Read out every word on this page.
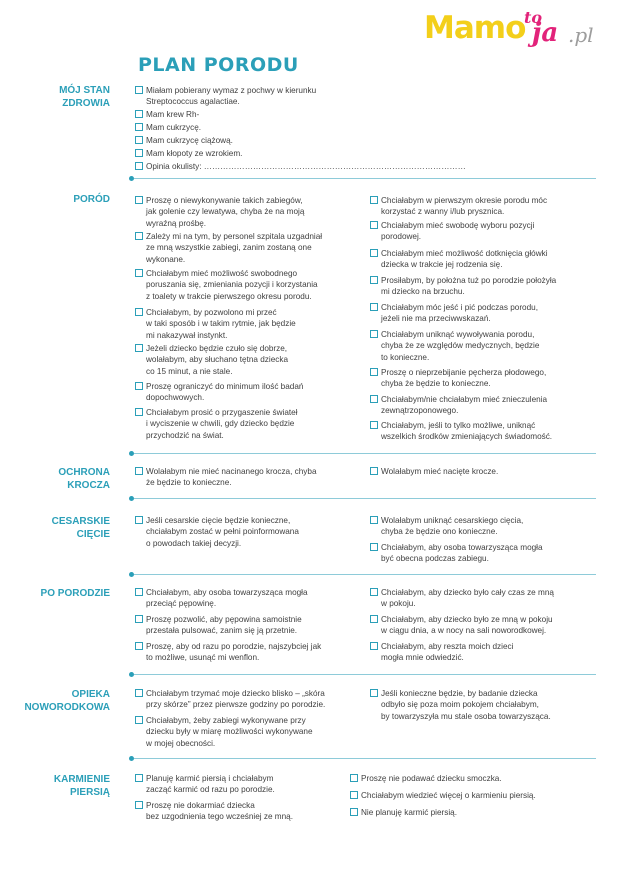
Mamo
to
ja .pl
PLAN PORODU
MÓJ STAN
ZDROWIA
Miałam pobierany wymaz z pochwy w kierunku
Streptococcus agalactiae.
Mam krew Rh-
Mam cukrzycę.
Mam cukrzycę ciążową.
Mam kłopoty ze wzrokiem.
Opinia okulisty: ……………………………………………………………………………………
PORÓD	Proszę o niewykonywanie takich zabiegów,
jak golenie czy lewatywa, chyba że na moją
wyraźną prośbę.
Zależy mi na tym, by personel szpitala uzgadniał
ze mną wszystkie zabiegi, zanim zostaną one
wykonane.
Chciałabym mieć możliwość swobodnego
poruszania się, zmieniania pozycji i korzystania
z toalety w trakcie pierwszego okresu porodu.
Chciałabym, by pozwolono mi przeć
w taki sposób i w takim rytmie, jak będzie
mi nakazywał instynkt.
Jeżeli dziecko będzie czuło się dobrze,
wolałabym, aby słuchano tętna dziecka
co 15 minut, a nie stale.
Proszę ograniczyć do minimum ilość badań
dopochwowych.
Chciałabym prosić o przygaszenie świateł
i wyciszenie w chwili, gdy dziecko będzie
przychodzić na świat.
Chciałabym w pierwszym okresie porodu móc
korzystać z wanny i/lub prysznica.
Chciałabym mieć swobodę wyboru pozycji
porodowej.
Chciałabym mieć możliwość dotknięcia główki
dziecka w trakcie jej rodzenia się.
Prosiłabym, by położna tuż po porodzie położyła
mi dziecko na brzuchu.
Chciałabym móc jeść i pić podczas porodu,
jeżeli nie ma przeciwwskazań.
Chciałabym uniknąć wywoływania porodu,
chyba że ze względów medycznych, będzie
to konieczne.
Proszę o nieprzebijanie pęcherza płodowego,
chyba że będzie to konieczne.
Chciałabym/nie chciałabym mieć znieczulenia
zewnątrzoponowego.
Chciałabym, jeśli to tylko możliwe, uniknąć
wszelkich środków zmieniających świadomość.
OCHRONA
KROCZA
Wolałabym nie mieć nacinanego krocza, chyba
że będzie to konieczne.
Wolałabym mieć nacięte krocze.
CESARSKIE
CIĘCIE
Jeśli cesarskie cięcie będzie konieczne,
chciałabym zostać w pełni poinformowana
o powodach takiej decyzji.
Wolałabym uniknąć cesarskiego cięcia,
chyba że będzie ono konieczne.
Chciałabym, aby osoba towarzysząca mogła
być obecna podczas zabiegu.
PO PORODZIE	Chciałabym, aby osoba towarzysząca mogła
przeciąć pępowinę.
Proszę pozwolić, aby pępowina samoistnie
przestała pulsować, zanim się ją przetnie.
Proszę, aby od razu po porodzie, najszybciej jak
to możliwe, usunąć mi wenflon.
Chciałabym, aby dziecko było cały czas ze mną
w pokoju.
Chciałabym, aby dziecko było ze mną w pokoju
w ciągu dnia, a w nocy na sali noworodkowej.
Chciałabym, aby reszta moich dzieci
mogła mnie odwiedzić.
OPIEKA
NOWORODKOWA
Chciałabym trzymać moje dziecko blisko – „skóra
przy skórze” przez pierwsze godziny po porodzie.
Chciałabym, żeby zabiegi wykonywane przy
dziecku były w miarę możliwości wykonywane
w mojej obecności.
Jeśli konieczne będzie, by badanie dziecka
odbyło się poza moim pokojem chciałabym,
by towarzyszyła mu stale osoba towarzysząca.
KARMIENIE
PIERSIĄ
Planuję karmić piersią i chciałabym
zacząć karmić od razu po porodzie.
Proszę nie dokarmiać dziecka
bez uzgodnienia tego wcześniej ze mną.
Proszę nie podawać dziecku smoczka.
Chciałabym wiedzieć więcej o karmieniu piersią.
Nie planuję karmić piersią.
